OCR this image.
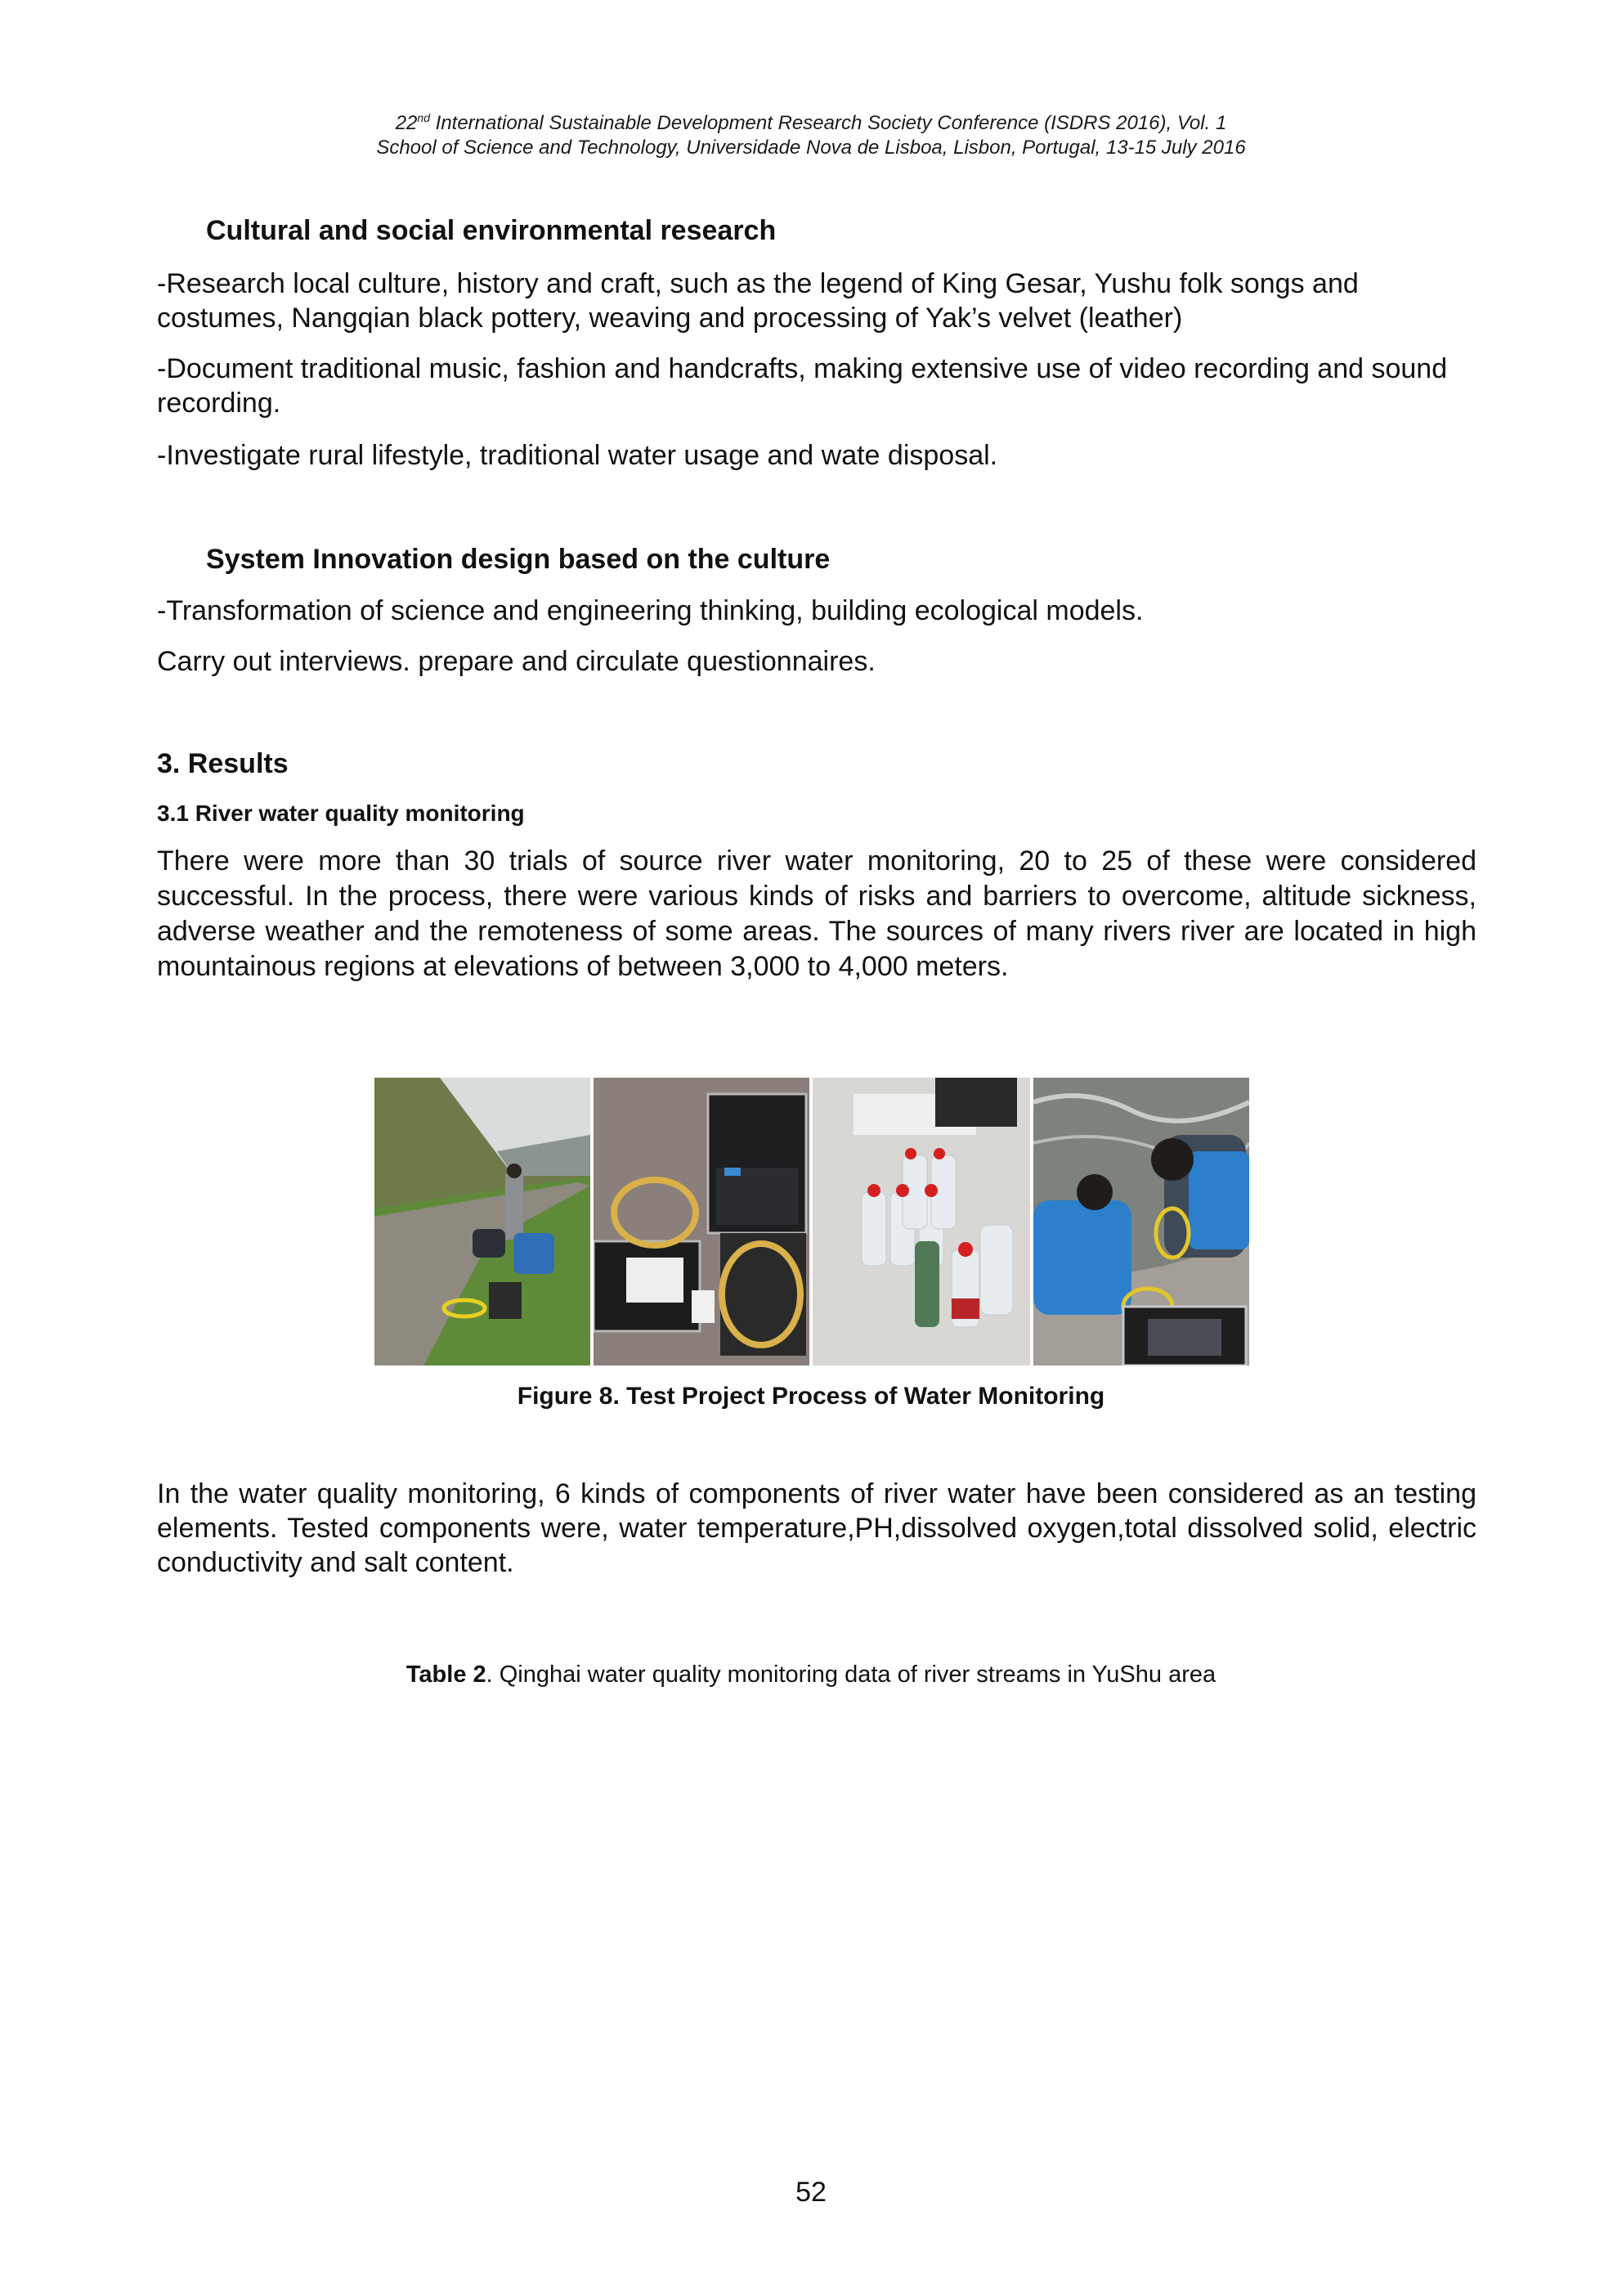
22nd International Sustainable Development Research Society Conference (ISDRS 2016), Vol. 1
School of Science and Technology, Universidade Nova de Lisboa, Lisbon, Portugal, 13-15 July 2016
Cultural and social environmental research
-Research local culture, history and craft, such as the legend of King Gesar, Yushu folk songs and costumes, Nangqian black pottery, weaving and processing of Yak’s velvet (leather)
-Document traditional music, fashion and handcrafts, making extensive use of video recording and sound recording.
-Investigate rural lifestyle, traditional water usage and wate disposal.
System Innovation design based on the culture
-Transformation of science and engineering thinking, building ecological models.
Carry out interviews. prepare and circulate questionnaires.
3. Results
3.1 River water quality monitoring
There were more than 30 trials of source river water monitoring, 20 to 25 of these were considered successful. In the process, there were various kinds of risks and barriers to overcome, altitude sickness, adverse weather and the remoteness of some areas. The sources of many rivers river are located in high mountainous regions at elevations of between 3,000 to 4,000 meters.
Figure 8. Test Project Process of Water Monitoring
In the water quality monitoring, 6 kinds of components of river water have been considered as an testing elements. Tested components were, water temperature,PH,dissolved oxygen,total dissolved solid, electric conductivity and salt content.
Table 2. Qinghai water quality monitoring data of river streams in YuShu area
52
